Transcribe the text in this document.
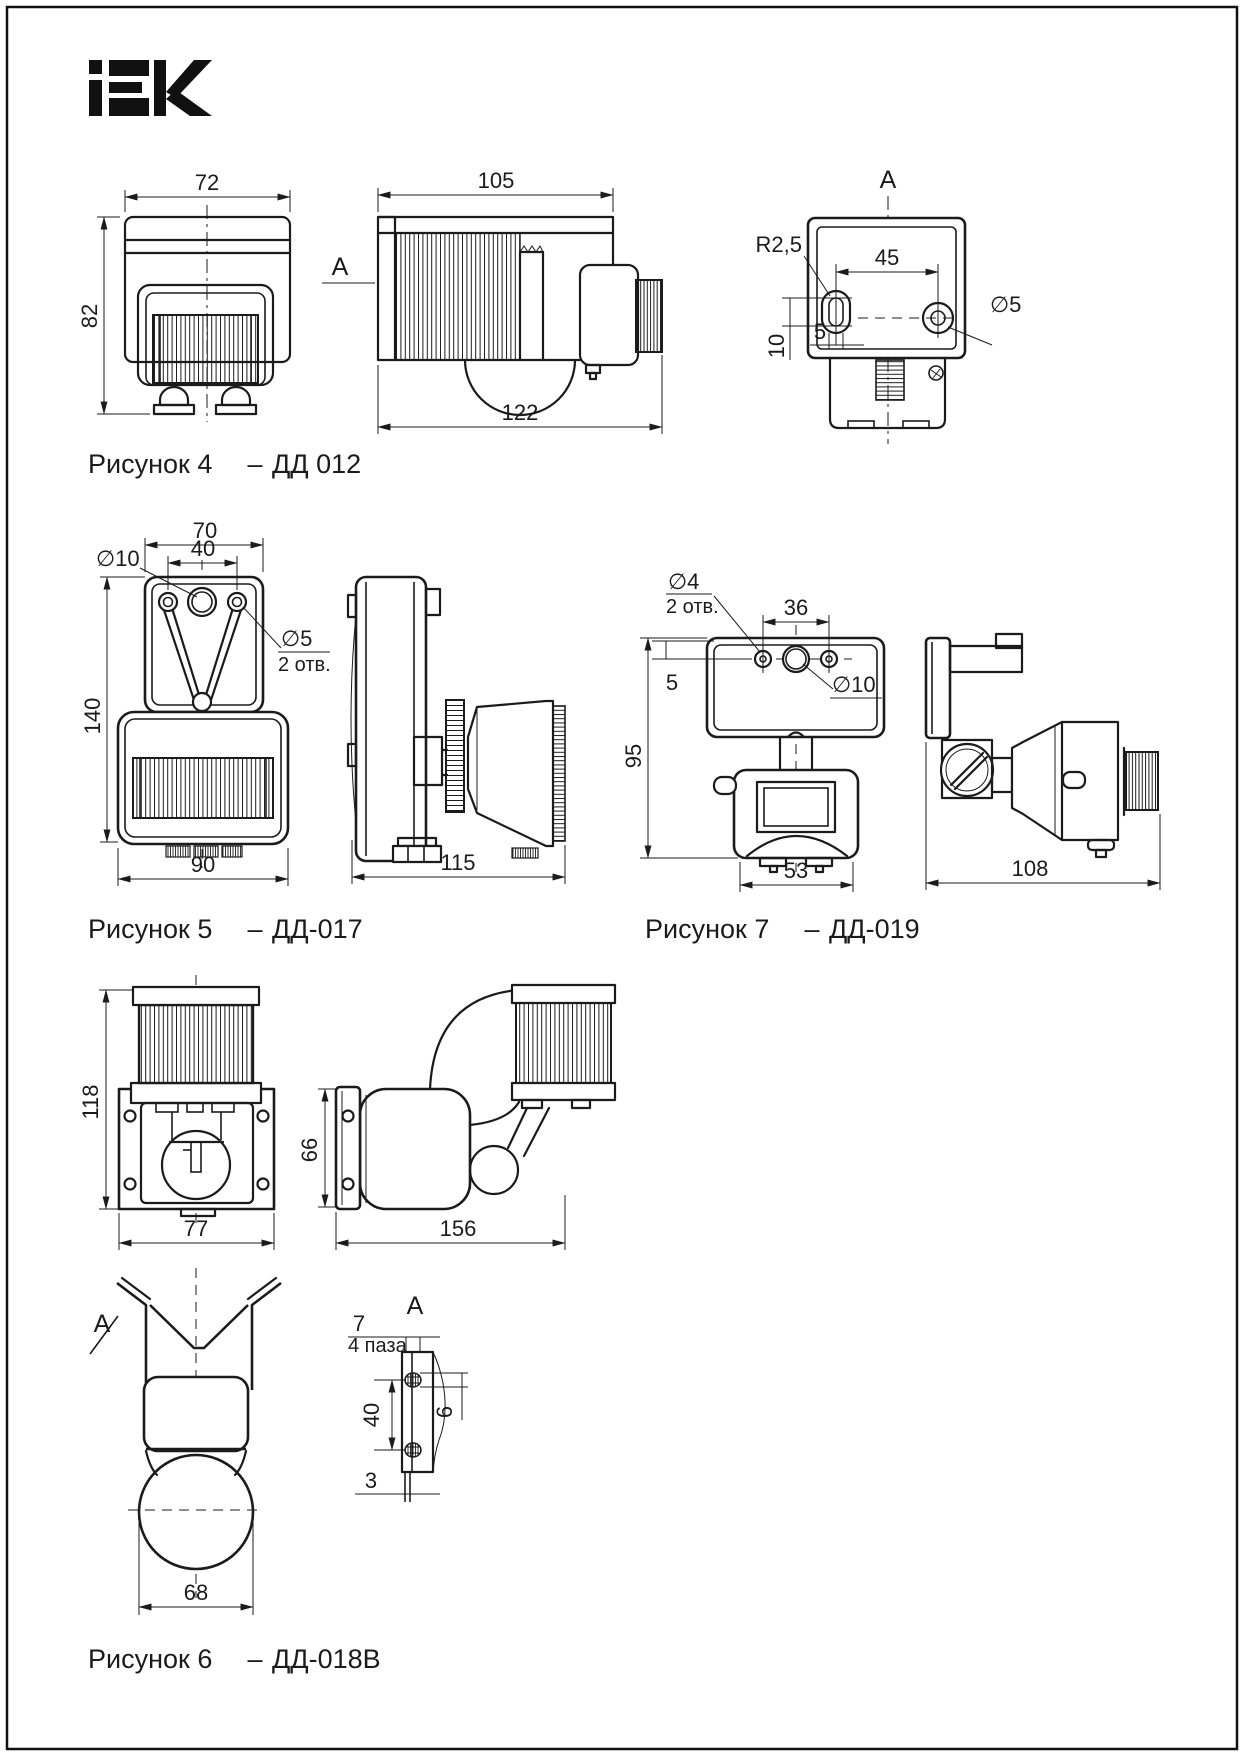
72
82
A
105
122
A
R2,5
45
5
10
∅5
Рисунок 4 – ДД 012
70
40
∅10
∅5
2 отв.
140
90	115
Рисунок 5 – ДД-017
∅4
2 отв.	36
∅10
5
95
53	108
Рисунок 7 – ДД-019
118
77
66
156
A
68
A
7
4 паза
40 6
3
Рисунок 6 – ДД-018В
